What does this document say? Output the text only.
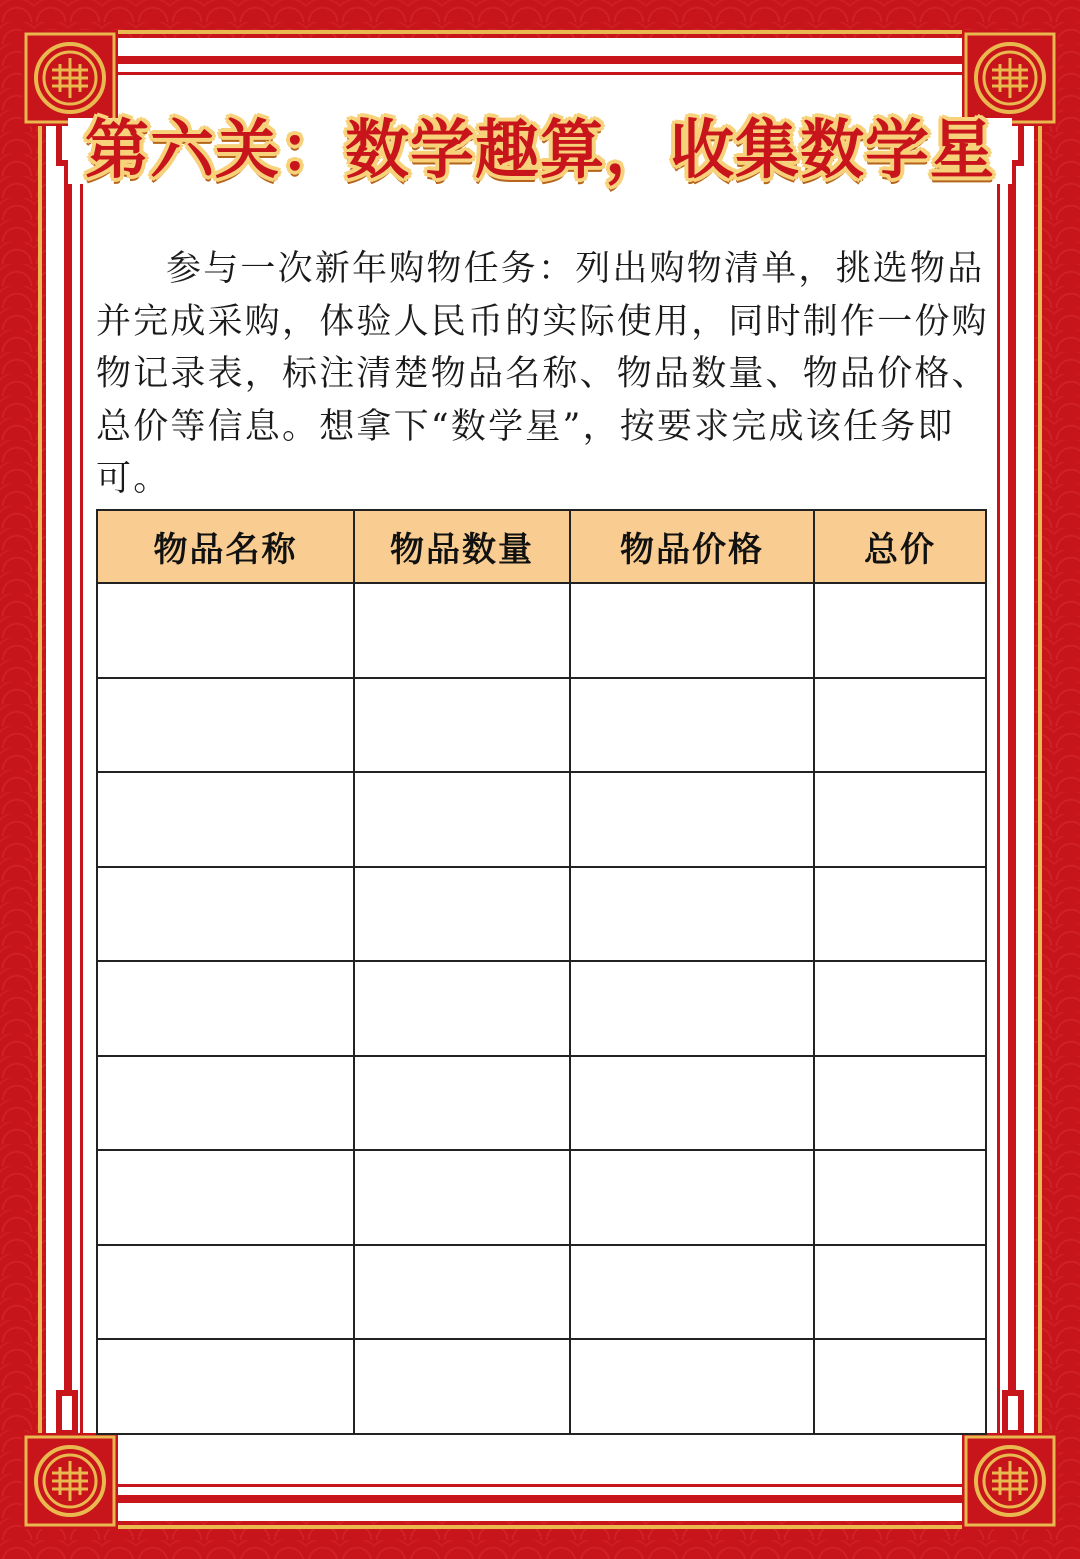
第六关：数学趣算，收集数学星

参与一次新年购物任务：列出购物清单，挑选物品并完成采购，体验人民币的实际使用，同时制作一份购物记录表，标注清楚物品名称、物品数量、物品价格、总价等信息。想拿下“数学星”，按要求完成该任务即可。

物品名称	物品数量	物品价格	总价
